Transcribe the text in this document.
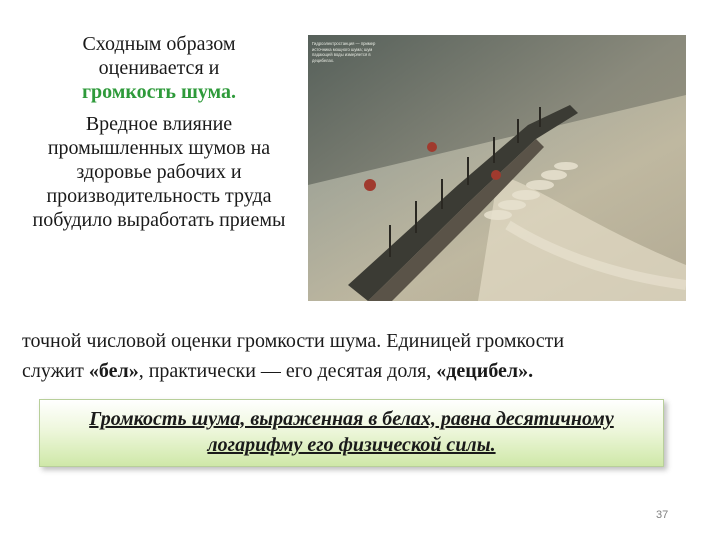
Сходным образом
оценивается и
громкость шума.

Вредное влияние промышленных шумов на здоровье рабочих и производительность труда побудило выработать приемы

Гидроэлектростанция — пример источника мощного шума; шум падающей воды измеряется в децибелах.

точной числовой оценки громкости шума. Единицей громкости

служит «бел», практически — его десятая доля, «децибел».

Громкость шума, выраженная в белах, равна десятичному логарифму его физической силы.

37
